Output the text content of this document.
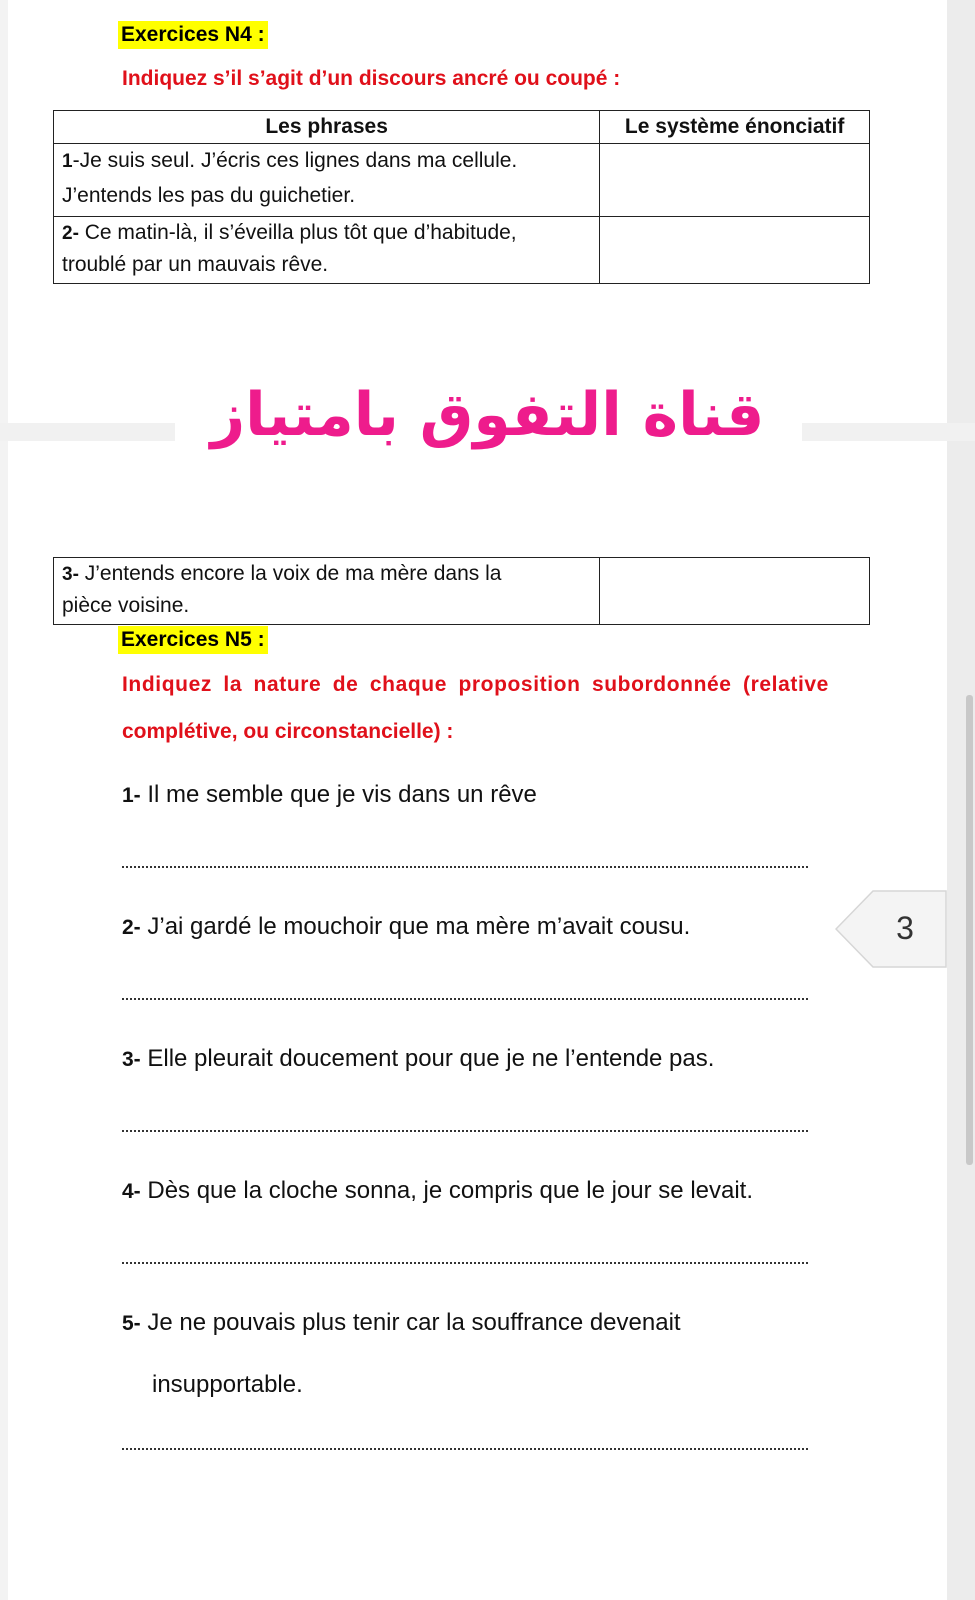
Exercices N4 :
Indiquez s’il s’agit d’un discours ancré ou coupé :
Les phrases	Le système énonciatif

1-Je suis seul. J’écris ces lignes dans ma cellule.
J’entends les pas du guichetier.	

2- Ce matin-là, il s’éveilla plus tôt que d’habitude,
troublé par un mauvais rêve.	

قناة التفوق بامتياز
3- J’entends encore la voix de ma mère dans la
pièce voisine.

Exercices N5 :
Indiquez la nature de chaque proposition subordonnée (relative
complétive, ou circonstancielle) :
1- Il me semble que je vis dans un rêve
2- J’ai gardé le mouchoir que ma mère m’avait cousu.
3- Elle pleurait doucement pour que je ne l’entende pas.
4- Dès que la cloche sonna, je compris que le jour se levait.
5- Je ne pouvais plus tenir car la souffrance devenait
insupportable.
3
